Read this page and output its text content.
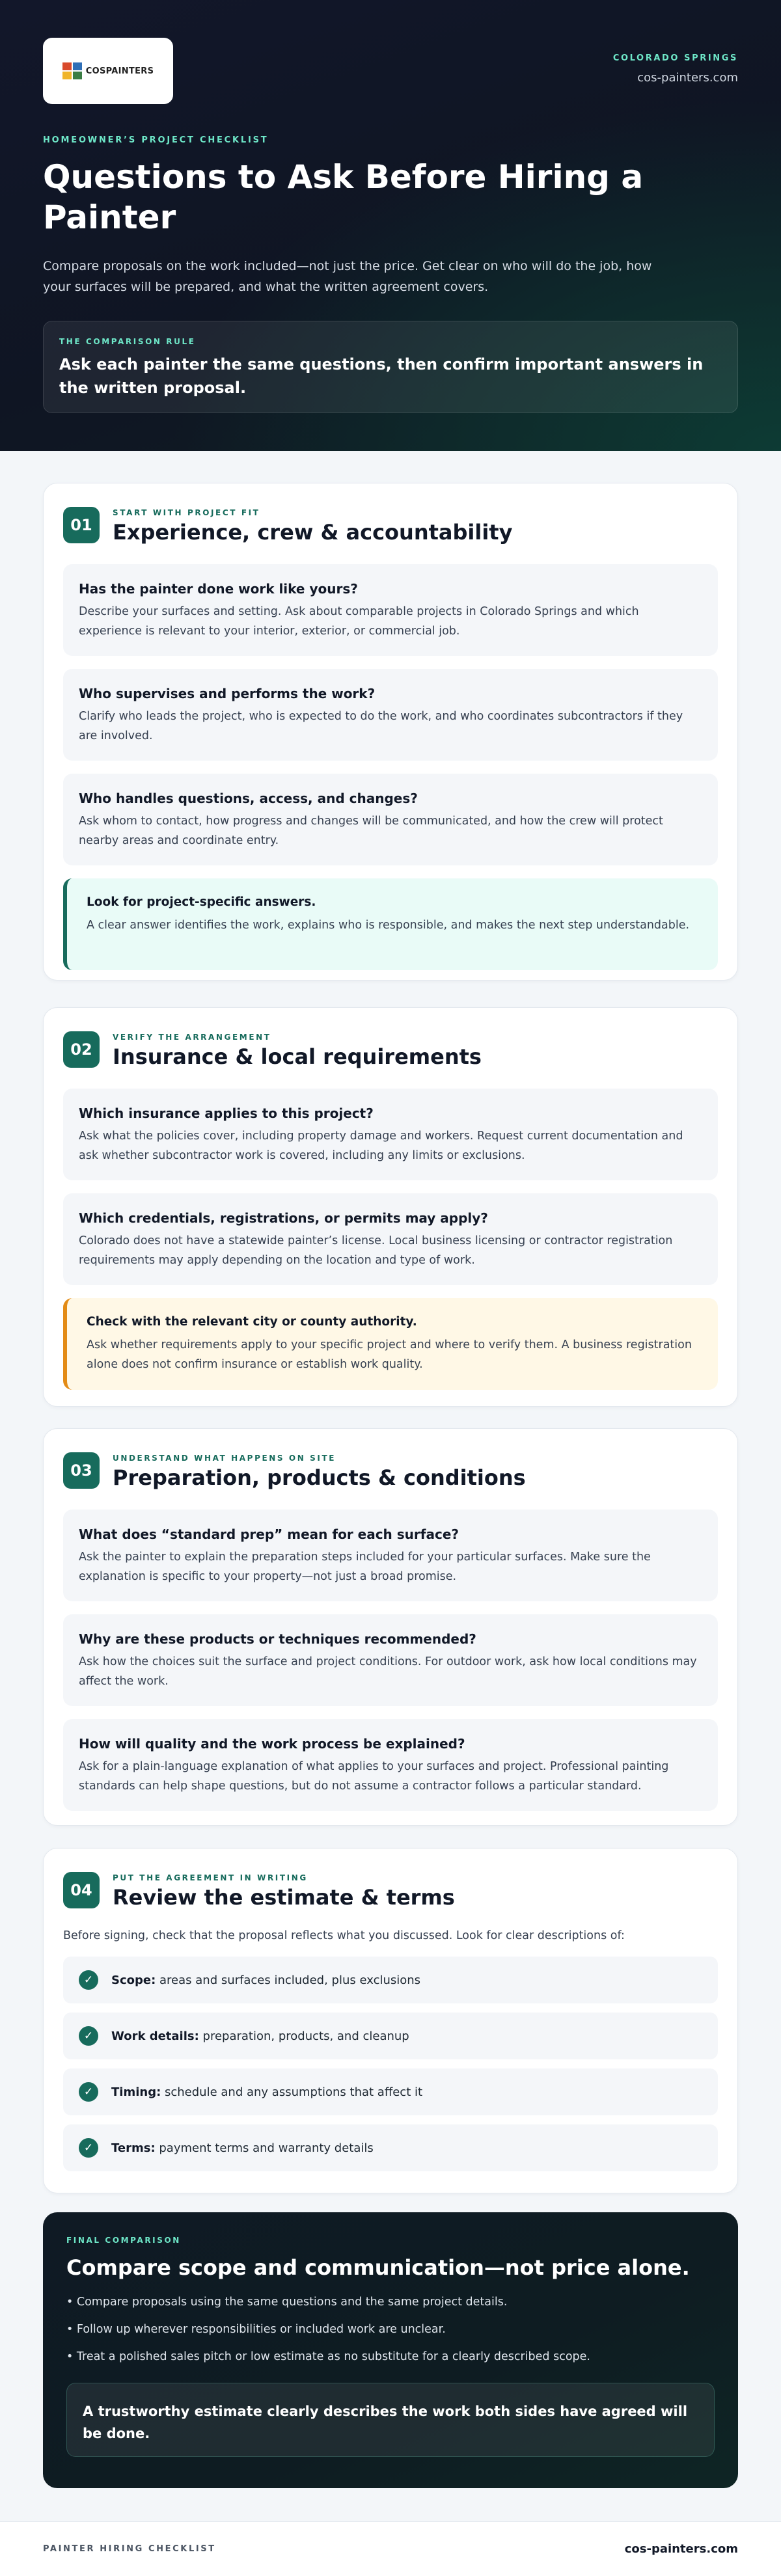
COSPAINTERS
COLORADO SPRINGS
cos-painters.com
HOMEOWNER’S PROJECT CHECKLIST
Questions to Ask Before Hiring a Painter

Compare proposals on the work included—not just the price. Get clear on who will do the job, how your surfaces will be prepared, and what the written agreement covers.

THE COMPARISON RULE
Ask each painter the same questions, then confirm important answers in the written proposal.
01
START WITH PROJECT FIT
Experience, crew & accountability
Has the painter done work like yours?
Describe your surfaces and setting. Ask about comparable projects in Colorado Springs and which experience is relevant to your interior, exterior, or commercial job.
Who supervises and performs the work?
Clarify who leads the project, who is expected to do the work, and who coordinates subcontractors if they are involved.
Who handles questions, access, and changes?
Ask whom to contact, how progress and changes will be communicated, and how the crew will protect nearby areas and coordinate entry.
Look for project-specific answers.
A clear answer identifies the work, explains who is responsible, and makes the next step understandable.
02
VERIFY THE ARRANGEMENT
Insurance & local requirements
Which insurance applies to this project?
Ask what the policies cover, including property damage and workers. Request current documentation and ask whether subcontractor work is covered, including any limits or exclusions.
Which credentials, registrations, or permits may apply?
Colorado does not have a statewide painter’s license. Local business licensing or contractor registration requirements may apply depending on the location and type of work.
Check with the relevant city or county authority.
Ask whether requirements apply to your specific project and where to verify them. A business registration alone does not confirm insurance or establish work quality.
03
UNDERSTAND WHAT HAPPENS ON SITE
Preparation, products & conditions
What does “standard prep” mean for each surface?
Ask the painter to explain the preparation steps included for your particular surfaces. Make sure the explanation is specific to your property—not just a broad promise.
Why are these products or techniques recommended?
Ask how the choices suit the surface and project conditions. For outdoor work, ask how local conditions may affect the work.
How will quality and the work process be explained?
Ask for a plain-language explanation of what applies to your surfaces and project. Professional painting standards can help shape questions, but do not assume a contractor follows a particular standard.
04
PUT THE AGREEMENT IN WRITING
Review the estimate & terms

Before signing, check that the proposal reflects what you discussed. Look for clear descriptions of:

✓	Scope: areas and surfaces included, plus exclusions
✓	Work details: preparation, products, and cleanup
✓	Timing: schedule and any assumptions that affect it
✓	Terms: payment terms and warranty details
FINAL COMPARISON
Compare scope and communication—not price alone.
• Compare proposals using the same questions and the same project details.
• Follow up wherever responsibilities or included work are unclear.
• Treat a polished sales pitch or low estimate as no substitute for a clearly described scope.
A trustworthy estimate clearly describes the work both sides have agreed will be done.
PAINTER HIRING CHECKLIST	cos-painters.com
